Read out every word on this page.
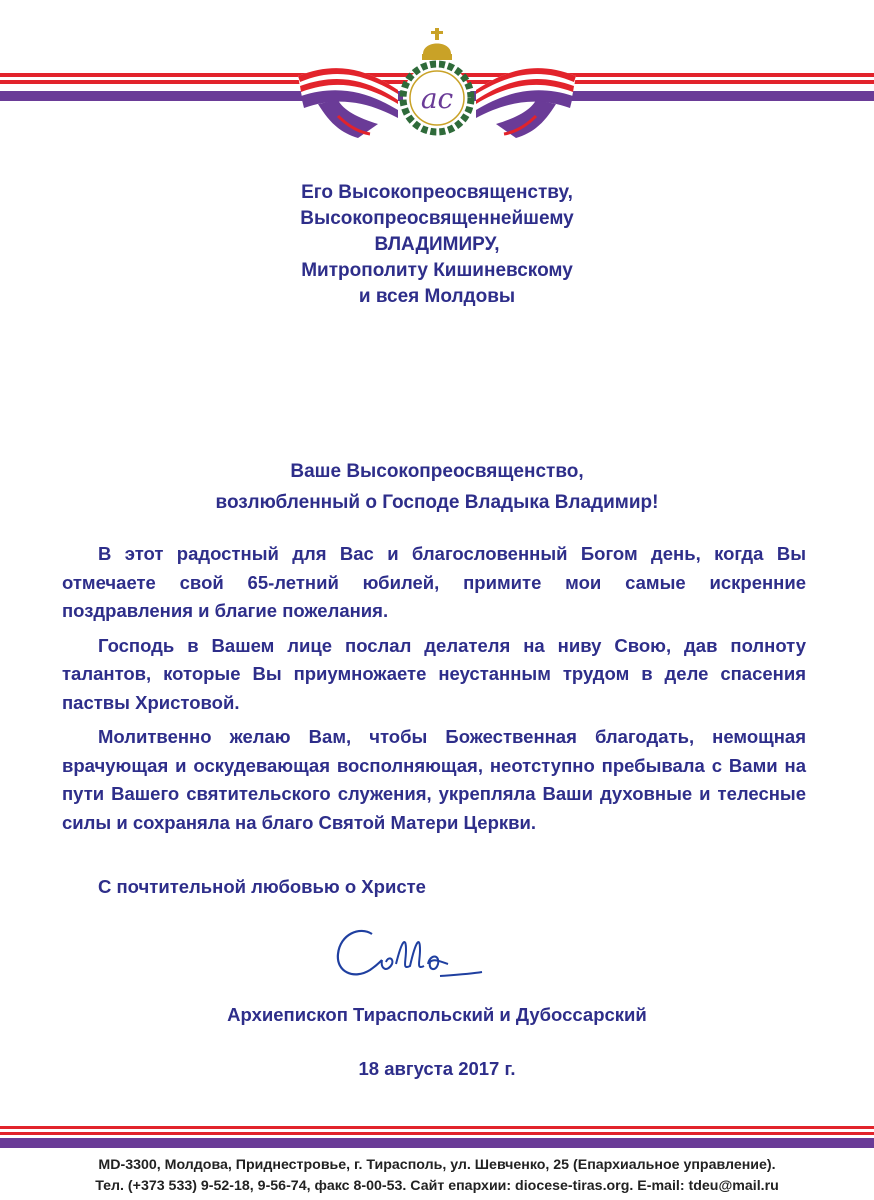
ас
Его Высокопреосвященству,
Высокопреосвященнейшему
ВЛАДИМИРУ,
Митрополиту Кишиневскому
и всея Молдовы
Ваше Высокопреосвященство,
возлюбленный о Господе Владыка Владимир!

В этот радостный для Вас и благословенный Богом день, когда Вы отмечаете свой 65-летний юбилей, примите мои самые искренние поздравления и благие пожелания.

Господь в Вашем лице послал делателя на ниву Свою, дав полноту талантов, которые Вы приумножаете неустанным трудом в деле спасения паствы Христовой.

Молитвенно желаю Вам, чтобы Божественная благодать, немощная врачующая и оскудевающая восполняющая, неотступно пребывала с Вами на пути Вашего святительского служения, укрепляла Ваши духовные и телесные силы и сохраняла на благо Святой Матери Церкви.

С почтительной любовью о Христе
Архиепископ Тираспольский и Дубоссарский
18 августа 2017 г.
MD-3300, Молдова, Приднестровье, г. Тирасполь, ул. Шевченко, 25 (Епархиальное управление).
Тел. (+373 533) 9-52-18, 9-56-74, факс 8-00-53. Сайт епархии: diocese-tiras.org. E-mail: tdeu@mail.ru
